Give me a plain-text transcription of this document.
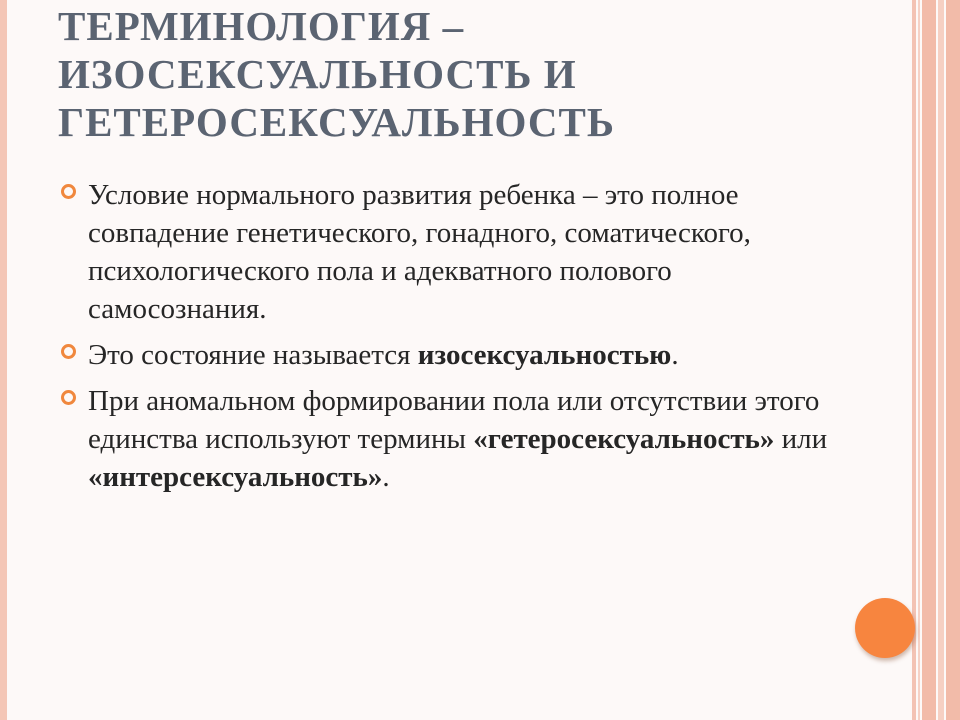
ТЕРМИНОЛОГИЯ –
ИЗОСЕКСУАЛЬНОСТЬ И
ГЕТЕРОСЕКСУАЛЬНОСТЬ
Условие нормального развития ребенка – это полное совпадение генетического, гонадного, соматического, психологического пола и адекватного полового самосознания.
Это состояние называется изосексуальностью.
При аномальном формировании пола или отсутствии этого единства используют термины «гетеросексуальность» или «интерсексуальность».
